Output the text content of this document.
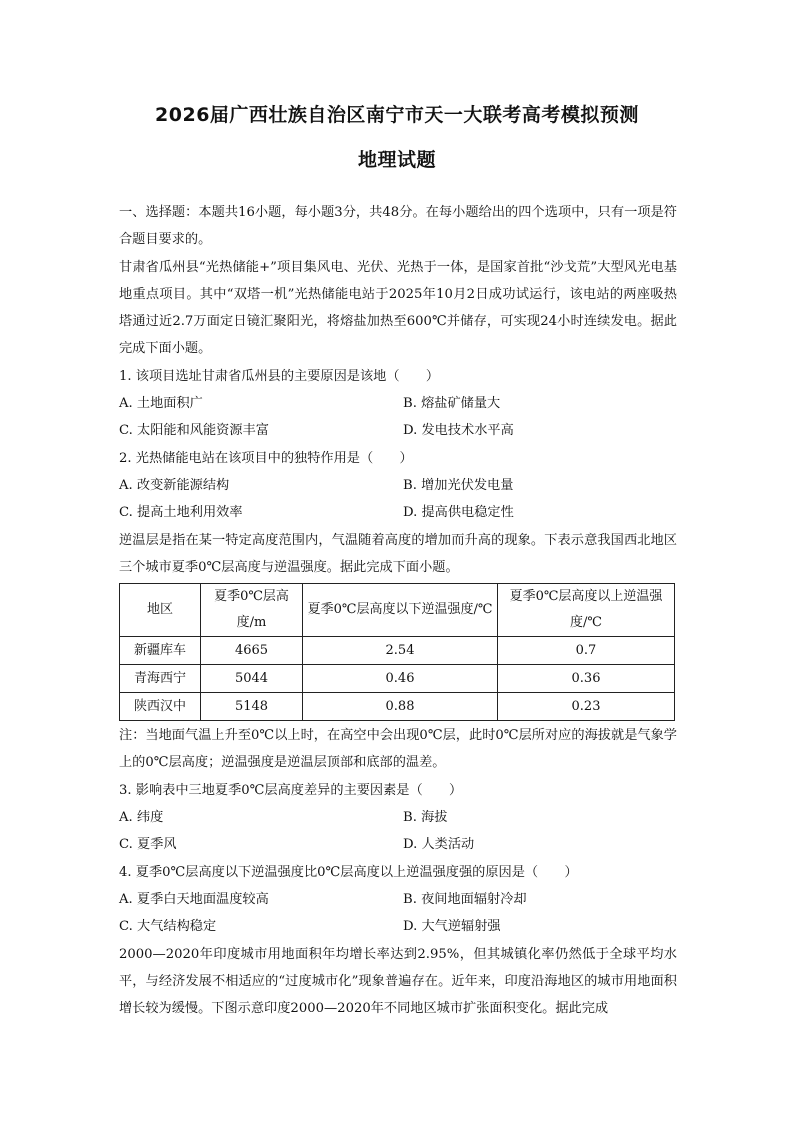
2026届广西壮族自治区南宁市天一大联考高考模拟预测
地理试题

一、选择题：本题共16小题，每小题3分，共48分。在每小题给出的四个选项中，只有一项是符合题目要求的。

甘肃省瓜州县“光热储能+”项目集风电、光伏、光热于一体，是国家首批“沙戈荒”大型风光电基地重点项目。其中“双塔一机”光热储能电站于2025年10月2日成功试运行，该电站的两座吸热塔通过近2.7万面定日镜汇聚阳光，将熔盐加热至600℃并储存，可实现24小时连续发电。据此完成下面小题。

1. 该项目选址甘肃省瓜州县的主要原因是该地（　　）

A. 土地面积广	B. 熔盐矿储量大
C. 太阳能和风能资源丰富	D. 发电技术水平高

2. 光热储能电站在该项目中的独特作用是（　　）

A. 改变新能源结构	B. 增加光伏发电量
C. 提高土地利用效率	D. 提高供电稳定性

逆温层是指在某一特定高度范围内，气温随着高度的增加而升高的现象。下表示意我国西北地区三个城市夏季0℃层高度与逆温强度。据此完成下面小题。

地区	夏季0℃层高度/m	夏季0℃层高度以下逆温强度/℃	夏季0℃层高度以上逆温强度/℃
新疆库车	4665	2.54	0.7
青海西宁	5044	0.46	0.36
陕西汉中	5148	0.88	0.23

注：当地面气温上升至0℃以上时，在高空中会出现0℃层，此时0℃层所对应的海拔就是气象学上的0℃层高度；逆温强度是逆温层顶部和底部的温差。

3. 影响表中三地夏季0℃层高度差异的主要因素是（　　）

A. 纬度	B. 海拔
C. 夏季风	D. 人类活动

4. 夏季0℃层高度以下逆温强度比0℃层高度以上逆温强度强的原因是（　　）

A. 夏季白天地面温度较高	B. 夜间地面辐射冷却
C. 大气结构稳定	D. 大气逆辐射强

2000—2020年印度城市用地面积年均增长率达到2.95%，但其城镇化率仍然低于全球平均水平，与经济发展不相适应的“过度城市化”现象普遍存在。近年来，印度沿海地区的城市用地面积增长较为缓慢。下图示意印度2000—2020年不同地区城市扩张面积变化。据此完成
